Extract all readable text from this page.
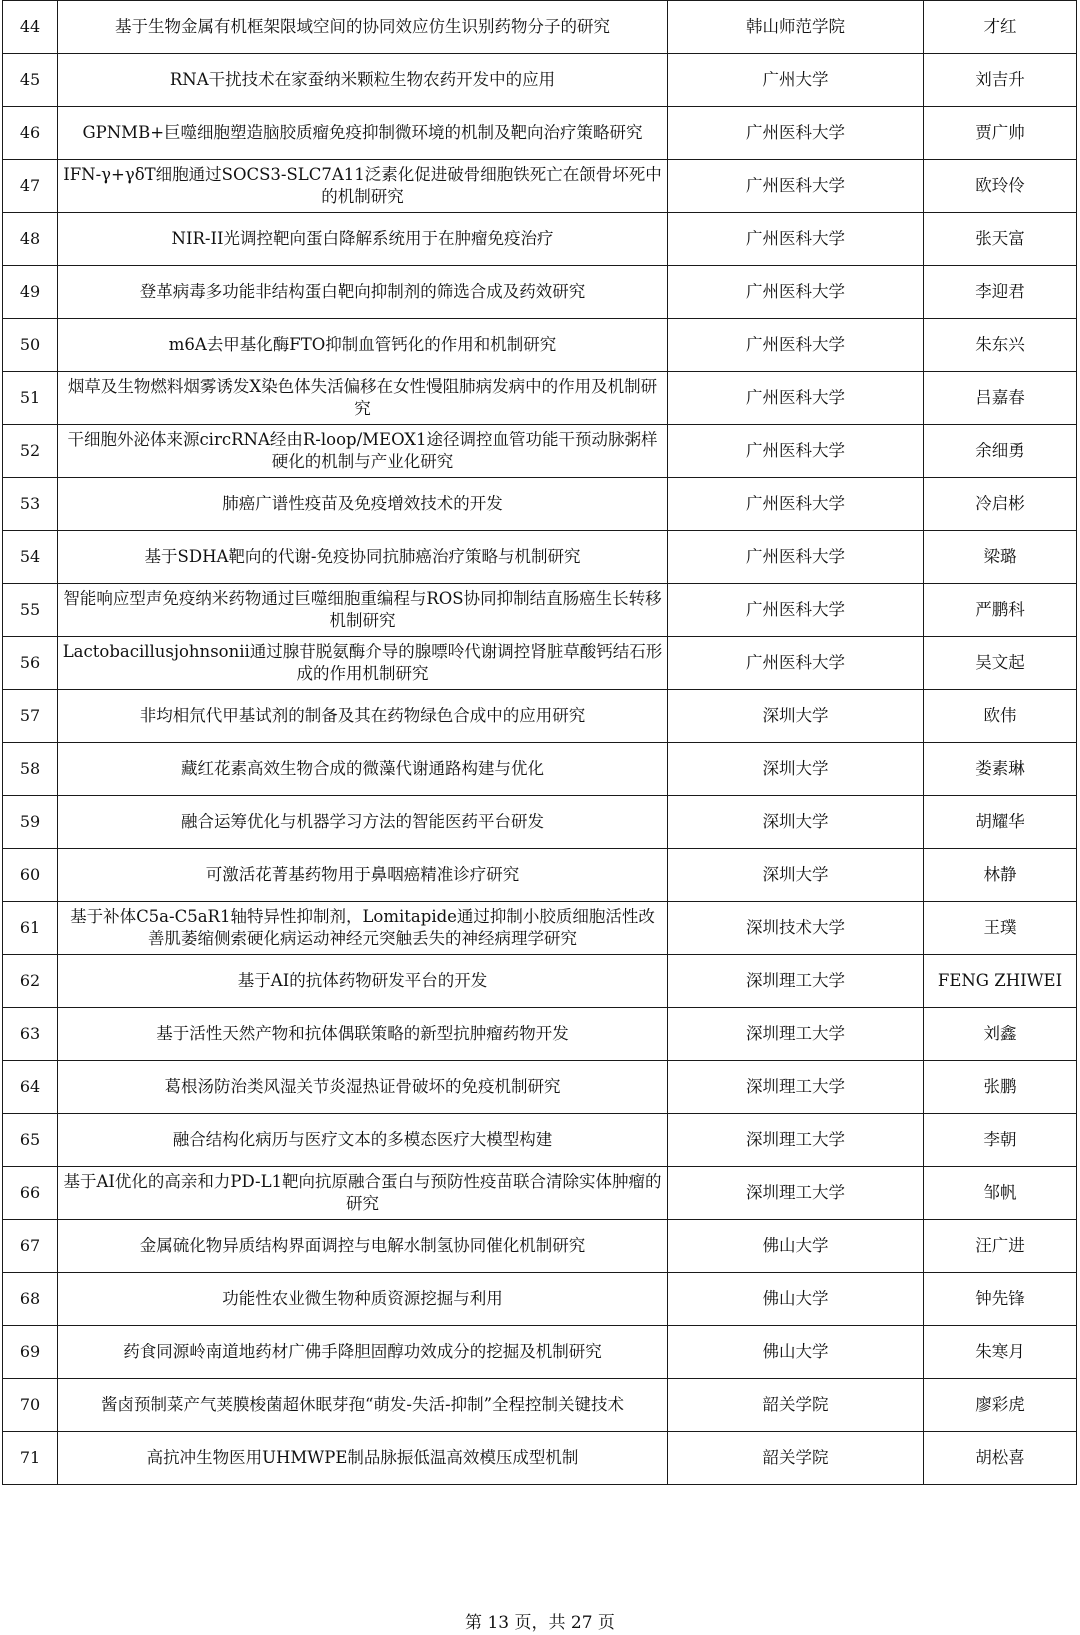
44	基于生物金属有机框架限域空间的协同效应仿生识别药物分子的研究	韩山师范学院	才红
45	RNA干扰技术在家蚕纳米颗粒生物农药开发中的应用	广州大学	刘吉升
46	GPNMB+巨噬细胞塑造脑胶质瘤免疫抑制微环境的机制及靶向治疗策略研究	广州医科大学	贾广帅
47	IFN-γ+γδT细胞通过SOCS3-SLC7A11泛素化促进破骨细胞铁死亡在颌骨坏死中的机制研究	广州医科大学	欧玲伶
48	NIR-II光调控靶向蛋白降解系统用于在肿瘤免疫治疗	广州医科大学	张天富
49	登革病毒多功能非结构蛋白靶向抑制剂的筛选合成及药效研究	广州医科大学	李迎君
50	m6A去甲基化酶FTO抑制血管钙化的作用和机制研究	广州医科大学	朱东兴
51	烟草及生物燃料烟雾诱发X染色体失活偏移在女性慢阻肺病发病中的作用及机制研究	广州医科大学	吕嘉春
52	干细胞外泌体来源circRNA经由R-loop/MEOX1途径调控血管功能干预动脉粥样硬化的机制与产业化研究	广州医科大学	余细勇
53	肺癌广谱性疫苗及免疫增效技术的开发	广州医科大学	冷启彬
54	基于SDHA靶向的代谢-免疫协同抗肺癌治疗策略与机制研究	广州医科大学	梁璐
55	智能响应型声免疫纳米药物通过巨噬细胞重编程与ROS协同抑制结直肠癌生长转移机制研究	广州医科大学	严鹏科
56	Lactobacillusjohnsonii通过腺苷脱氨酶介导的腺嘌呤代谢调控肾脏草酸钙结石形成的作用机制研究	广州医科大学	吴文起
57	非均相氘代甲基试剂的制备及其在药物绿色合成中的应用研究	深圳大学	欧伟
58	藏红花素高效生物合成的微藻代谢通路构建与优化	深圳大学	娄素琳
59	融合运筹优化与机器学习方法的智能医药平台研发	深圳大学	胡耀华
60	可激活花菁基药物用于鼻咽癌精准诊疗研究	深圳大学	林静
61	基于补体C5a-C5aR1轴特异性抑制剂，Lomitapide通过抑制小胶质细胞活性改善肌萎缩侧索硬化病运动神经元突触丢失的神经病理学研究	深圳技术大学	王璞
62	基于AI的抗体药物研发平台的开发	深圳理工大学	FENG ZHIWEI
63	基于活性天然产物和抗体偶联策略的新型抗肿瘤药物开发	深圳理工大学	刘鑫
64	葛根汤防治类风湿关节炎湿热证骨破坏的免疫机制研究	深圳理工大学	张鹏
65	融合结构化病历与医疗文本的多模态医疗大模型构建	深圳理工大学	李朝
66	基于AI优化的高亲和力PD-L1靶向抗原融合蛋白与预防性疫苗联合清除实体肿瘤的研究	深圳理工大学	邹帆
67	金属硫化物异质结构界面调控与电解水制氢协同催化机制研究	佛山大学	汪广进
68	功能性农业微生物种质资源挖掘与利用	佛山大学	钟先锋
69	药食同源岭南道地药材广佛手降胆固醇功效成分的挖掘及机制研究	佛山大学	朱寒月
70	酱卤预制菜产气荚膜梭菌超休眠芽孢“萌发-失活-抑制”全程控制关键技术	韶关学院	廖彩虎
71	高抗冲生物医用UHMWPE制品脉振低温高效模压成型机制	韶关学院	胡松喜
第 13 页，共 27 页
